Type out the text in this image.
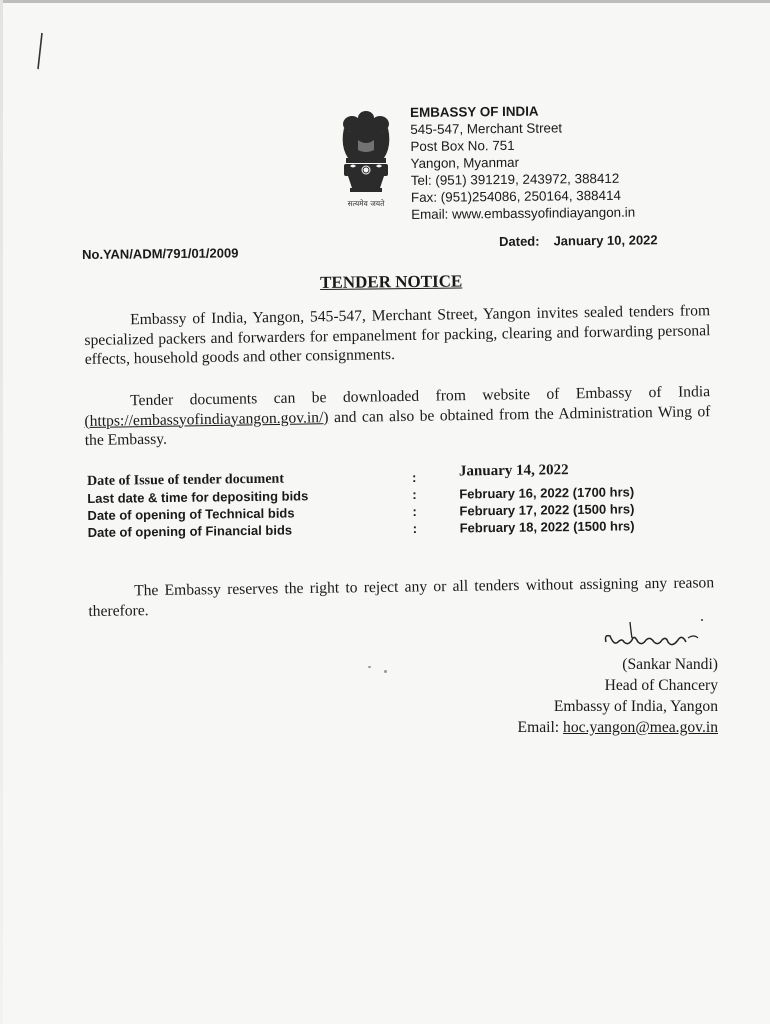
सत्यमेव जयते
EMBASSY OF INDIA
545-547, Merchant Street
Post Box No. 751
Yangon, Myanmar
Tel: (951) 391219, 243972, 388412
Fax: (951)254086, 250164, 388414
Email: www.embassyofindiayangon.in
No.YAN/ADM/791/01/2009
Dated: January 10, 2022
TENDER NOTICE
Embassy of India, Yangon, 545-547, Merchant Street, Yangon invites sealed tenders from specialized packers and forwarders for empanelment for packing, clearing and forwarding personal effects, household goods and other consignments.
Tender documents can be downloaded from website of Embassy of India (https://embassyofindiayangon.gov.in/) and can also be obtained from the Administration Wing of the Embassy.
Date of Issue of tender document	:	January 14, 2022
Last date & time for depositing bids	:	February 16, 2022 (1700 hrs)
Date of opening of Technical bids	:	February 17, 2022 (1500 hrs)
Date of opening of Financial bids	:	February 18, 2022 (1500 hrs)
The Embassy reserves the right to reject any or all tenders without assigning any reason therefore.
(Sankar Nandi)
Head of Chancery
Embassy of India, Yangon
Email: hoc.yangon@mea.gov.in
